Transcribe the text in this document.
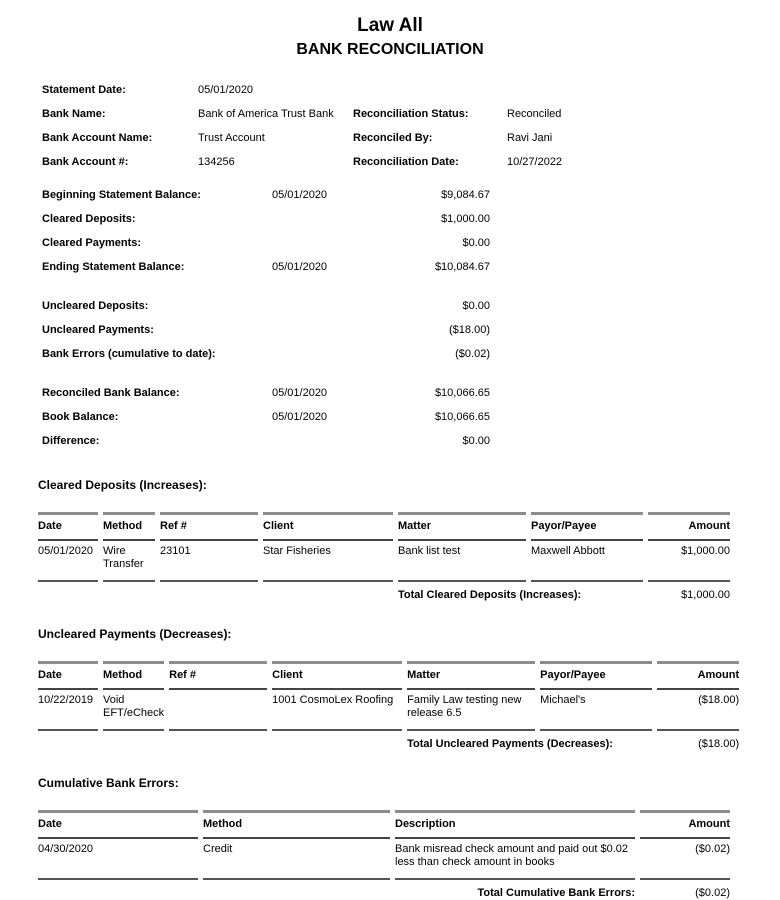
Law All
BANK RECONCILIATION
Statement Date:	05/01/2020
Bank Name:	Bank of America Trust Bank	Reconciliation Status:	Reconciled
Bank Account Name:	Trust Account	Reconciled By:	Ravi Jani
Bank Account #:	134256	Reconciliation Date:	10/27/2022
Beginning Statement Balance:	05/01/2020	$9,084.67
Cleared Deposits:	$1,000.00
Cleared Payments:	$0.00
Ending Statement Balance:	05/01/2020	$10,084.67
Uncleared Deposits:	$0.00
Uncleared Payments:	($18.00)
Bank Errors (cumulative to date):	($0.02)
Reconciled Bank Balance:	05/01/2020	$10,066.65
Book Balance:	05/01/2020	$10,066.65
Difference:	$0.00
Cleared Deposits (Increases):
Date	Method	Ref #	Client	Matter	Payor/Payee	Amount
05/01/2020	Wire Transfer	23101	Star Fisheries	Bank list test	Maxwell Abbott	$1,000.00
				Total Cleared Deposits (Increases):		$1,000.00
Uncleared Payments (Decreases):
Date	Method	Ref #	Client	Matter	Payor/Payee	Amount
10/22/2019	Void EFT/eCheck		1001 CosmoLex Roofing	Family Law testing new release 6.5	Michael's	($18.00)
				Total Uncleared Payments (Decreases):		($18.00)
Cumulative Bank Errors:
Date	Method	Description	Amount
04/30/2020	Credit	Bank misread check amount and paid out $0.02 less than check amount in books	($0.02)
	Total Cumulative Bank Errors:		($0.02)
